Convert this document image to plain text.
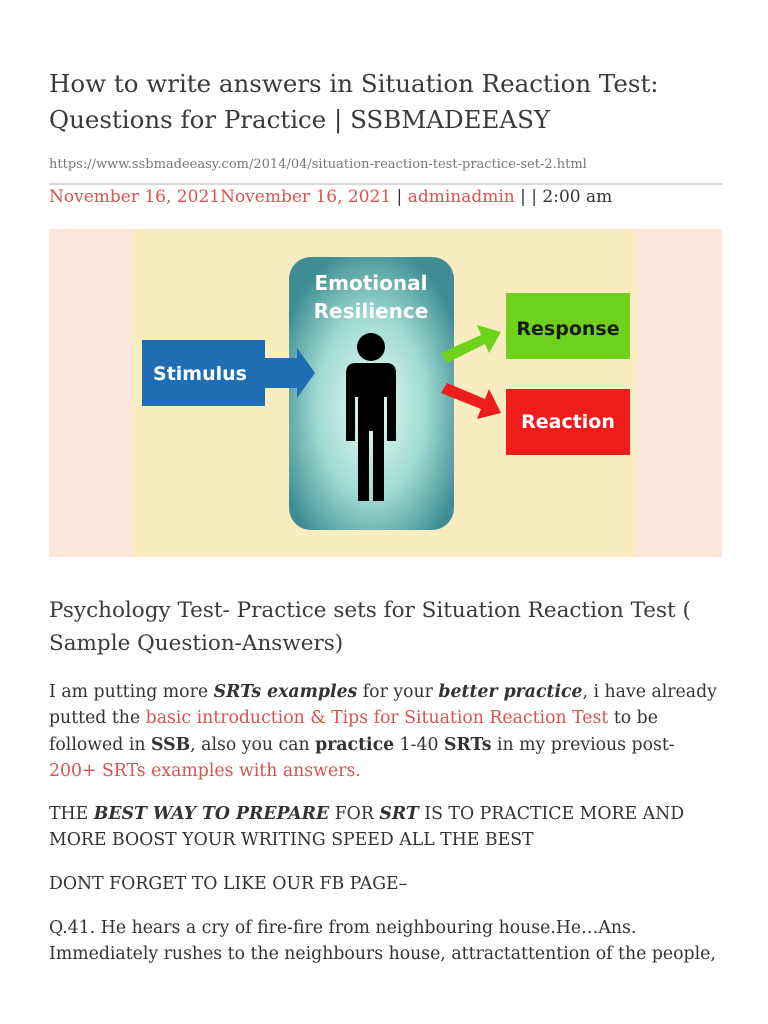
How to write answers in Situation Reaction Test: Questions for Practice | SSBMADEEASY
https://www.ssbmadeeasy.com/2014/04/situation-reaction-test-practice-set-2.html
November 16, 2021November 16, 2021 | adminadmin | | 2:00 am
Emotional
Resilience
Stimulus
Response
Reaction
Psychology Test- Practice sets for Situation Reaction Test ( Sample Question-Answers)

I am putting more SRTs examples for your better practice, i have already putted the basic introduction & Tips for Situation Reaction Test to be followed in SSB, also you can practice 1-40 SRTs in my previous post-200+ SRTs examples with answers.

THE BEST WAY TO PREPARE FOR SRT IS TO PRACTICE MORE AND MORE BOOST YOUR WRITING SPEED ALL THE BEST

DONT FORGET TO LIKE OUR FB PAGE–

Q.41. He hears a cry of fire-fire from neighbouring house.He…Ans. Immediately rushes to the neighbours house, attractattention of the people,
